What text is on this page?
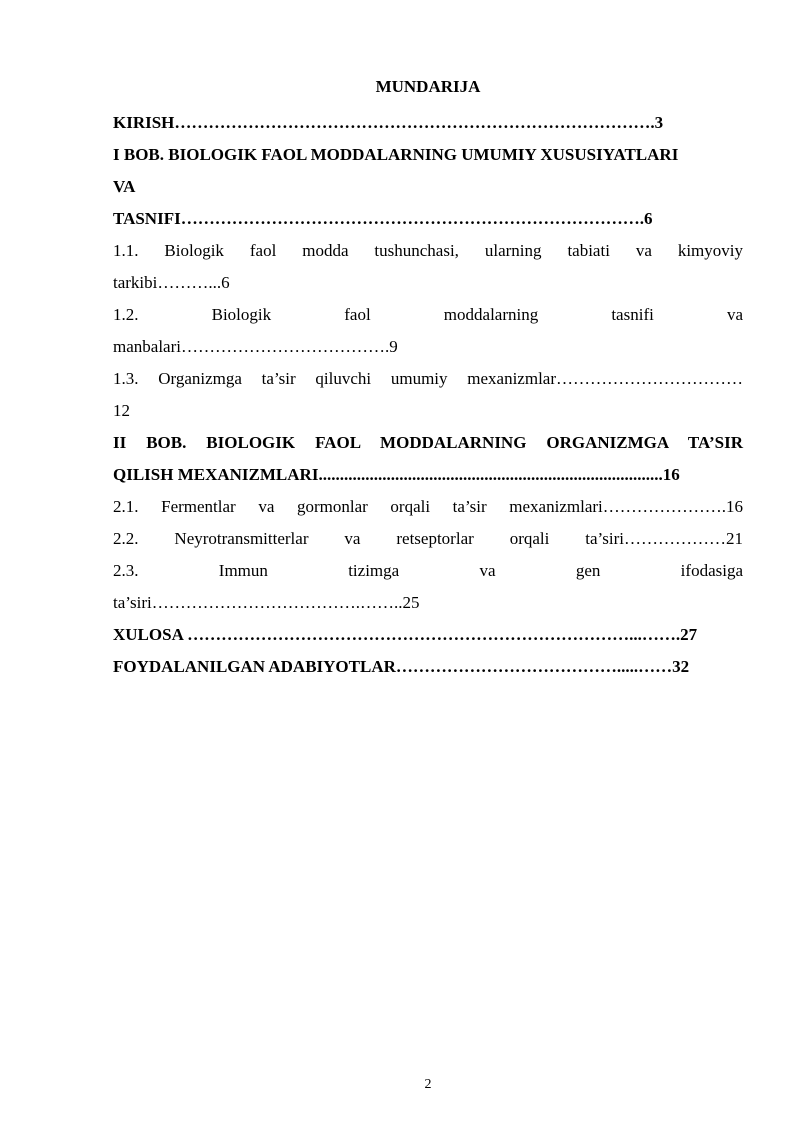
MUNDARIJA

KIRISH………………………………………………………………………….3

I BOB. BIOLOGIK FAOL MODDALARNING UMUMIY XUSUSIYATLARI

VA

TASNIFI……………………………………………………………………….6

1.1. Biologik faol modda tushunchasi, ularning tabiati va kimyoviy

tarkibi………...6

1.2. Biologik faol moddalarning tasnifi va

manbalari……………………………….9

1.3. Organizmga ta’sir qiluvchi umumiy mexanizmlar……………………………

12

II BOB. BIOLOGIK FAOL MODDALARNING ORGANIZMGA TA’SIR

QILISH MEXANIZMLARI.................................................................................16

2.1. Fermentlar va gormonlar orqali ta’sir mexanizmlari………………….16

2.2. Neyrotransmitterlar va retseptorlar orqali ta’siri………………21

2.3. Immun tizimga va gen ifodasiga

ta’siri……………………………….……..25

XULOSA ……………………………………………………………………...…….27

FOYDALANILGAN ADABIYOTLAR………………………………….....……32

2
